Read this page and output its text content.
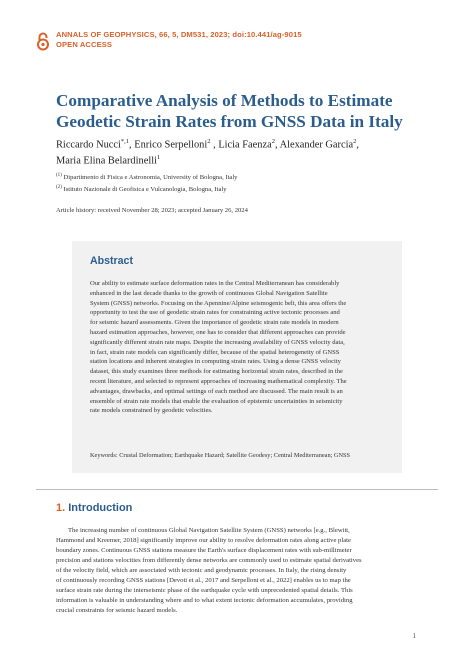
ANNALS OF GEOPHYSICS, 66, 5, DM531, 2023; doi:10.441/ag-9015
OPEN ACCESS
Comparative Analysis of Methods to Estimate
Geodetic Strain Rates from GNSS Data in Italy
Riccardo Nucci$^{*,1}$, Enrico Serpelloni$^2$ , Licia Faenza$^2$, Alexander Garcia$^2$,
Maria Elina Belardinelli$^1$
$^{(1)}$ Dipartimento di Fisica e Astronomia, University of Bologna, Italy
$^{(2)}$ Istituto Nazionale di Geofisica e Vulcanologia, Bologna, Italy
Article history: received November 28; 2023; accepted January 26, 2024
Abstract
Our ability to estimate surface deformation rates in the Central Mediterranean has considerably
enhanced in the last decade thanks to the growth of continuous Global Navigation Satellite
System (GNSS) networks. Focusing on the Apennine/Alpine seismogenic belt, this area offers the
opportunity to test the use of geodetic strain rates for constraining active tectonic processes and
for seismic hazard assessments. Given the importance of geodetic strain rate models in modern
hazard estimation approaches, however, one has to consider that different approaches can provide
significantly different strain rate maps. Despite the increasing availability of GNSS velocity data,
in fact, strain rate models can significantly differ, because of the spatial heterogeneity of GNSS
station locations and inherent strategies in computing strain rates. Using a dense GNSS velocity
dataset, this study examines three methods for estimating horizontal strain rates, described in the
recent literature, and selected to represent approaches of increasing mathematical complexity. The
advantages, drawbacks, and optimal settings of each method are discussed. The main result is an
ensemble of strain rate models that enable the evaluation of epistemic uncertainties in seismicity
rate models constrained by geodetic velocities.
Keywords: Crustal Deformation; Earthquake Hazard; Satellite Geodesy; Central Mediterranean; GNSS
1. Introduction
The increasing number of continuous Global Navigation Satellite System (GNSS) networks [e.g., Blewitt,
Hammond and Kreemer, 2018] significantly improve our ability to resolve deformation rates along active plate
boundary zones. Continuous GNSS stations measure the Earth's surface displacement rates with sub-millimeter
precision and stations velocities from differently dense networks are commonly used to estimate spatial derivatives
of the velocity field, which are associated with tectonic and geodynamic processes. In Italy, the rising density
of continuously recording GNSS stations [Devoti et al., 2017 and Serpelloni et al., 2022] enables us to map the
surface strain rate during the interseismic phase of the earthquake cycle with unprecedented spatial details. This
information is valuable in understanding where and to what extent tectonic deformation accumulates, providing
crucial constraints for seismic hazard models.
1
